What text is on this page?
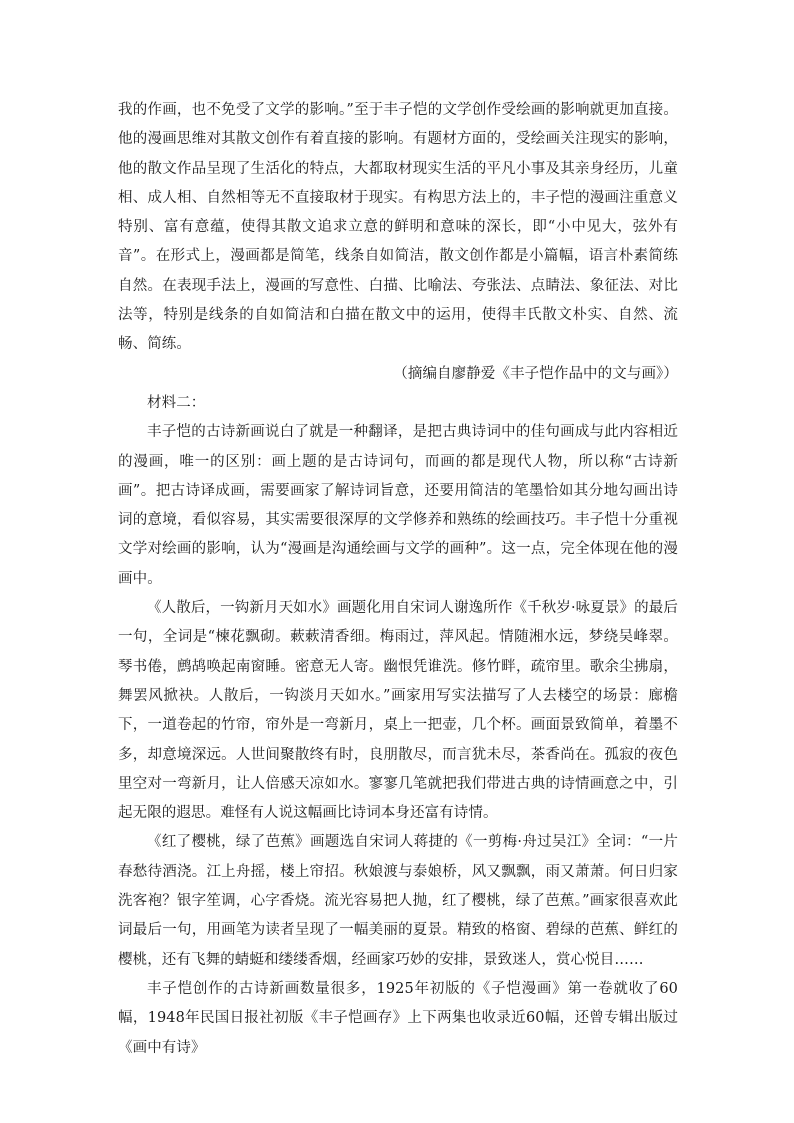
我的作画，也不免受了文学的影响。”至于丰子恺的文学创作受绘画的影响就更加直接。他的漫画思维对其散文创作有着直接的影响。有题材方面的，受绘画关注现实的影响，他的散文作品呈现了生活化的特点，大都取材现实生活的平凡小事及其亲身经历，儿童相、成人相、自然相等无不直接取材于现实。有构思方法上的，丰子恺的漫画注重意义特别、富有意蕴，使得其散文追求立意的鲜明和意味的深长，即“小中见大，弦外有音”。在形式上，漫画都是简笔，线条自如简洁，散文创作都是小篇幅，语言朴素简练自然。在表现手法上，漫画的写意性、白描、比喻法、夸张法、点睛法、象征法、对比法等，特别是线条的自如简洁和白描在散文中的运用，使得丰氏散文朴实、自然、流畅、简练。

（摘编自廖静爱《丰子恺作品中的文与画》）

材料二：

丰子恺的古诗新画说白了就是一种翻译，是把古典诗词中的佳句画成与此内容相近的漫画，唯一的区别：画上题的是古诗词句，而画的都是现代人物，所以称“古诗新画”。把古诗译成画，需要画家了解诗词旨意，还要用简洁的笔墨恰如其分地勾画出诗词的意境，看似容易，其实需要很深厚的文学修养和熟练的绘画技巧。丰子恺十分重视文学对绘画的影响，认为“漫画是沟通绘画与文学的画种”。这一点，完全体现在他的漫画中。

《人散后，一钩新月天如水》画题化用自宋词人谢逸所作《千秋岁·咏夏景》的最后一句，全词是“楝花飘砌。蔌蔌清香细。梅雨过，萍风起。情随湘水远，梦绕吴峰翠。琴书倦，鹧鸪唤起南窗睡。密意无人寄。幽恨凭谁洗。修竹畔，疏帘里。歌余尘拂扇，舞罢风掀袂。人散后，一钩淡月天如水。”画家用写实法描写了人去楼空的场景：廊檐下，一道卷起的竹帘，帘外是一弯新月，桌上一把壶，几个杯。画面景致简单，着墨不多，却意境深远。人世间聚散终有时，良朋散尽，而言犹未尽，茶香尚在。孤寂的夜色里空对一弯新月，让人倍感天凉如水。寥寥几笔就把我们带进古典的诗情画意之中，引起无限的遐思。难怪有人说这幅画比诗词本身还富有诗情。

《红了樱桃，绿了芭蕉》画题选自宋词人蒋捷的《一剪梅·舟过吴江》全词：“一片春愁待酒浇。江上舟摇，楼上帘招。秋娘渡与泰娘桥，风又飘飘，雨又萧萧。何日归家洗客袍？银字笙调，心字香烧。流光容易把人抛，红了樱桃，绿了芭蕉。”画家很喜欢此词最后一句，用画笔为读者呈现了一幅美丽的夏景。精致的格窗、碧绿的芭蕉、鲜红的樱桃，还有飞舞的蜻蜓和缕缕香烟，经画家巧妙的安排，景致迷人，赏心悦目……

丰子恺创作的古诗新画数量很多，1925年初版的《子恺漫画》第一卷就收了60幅，1948年民国日报社初版《丰子恺画存》上下两集也收录近60幅，还曾专辑出版过《画中有诗》
